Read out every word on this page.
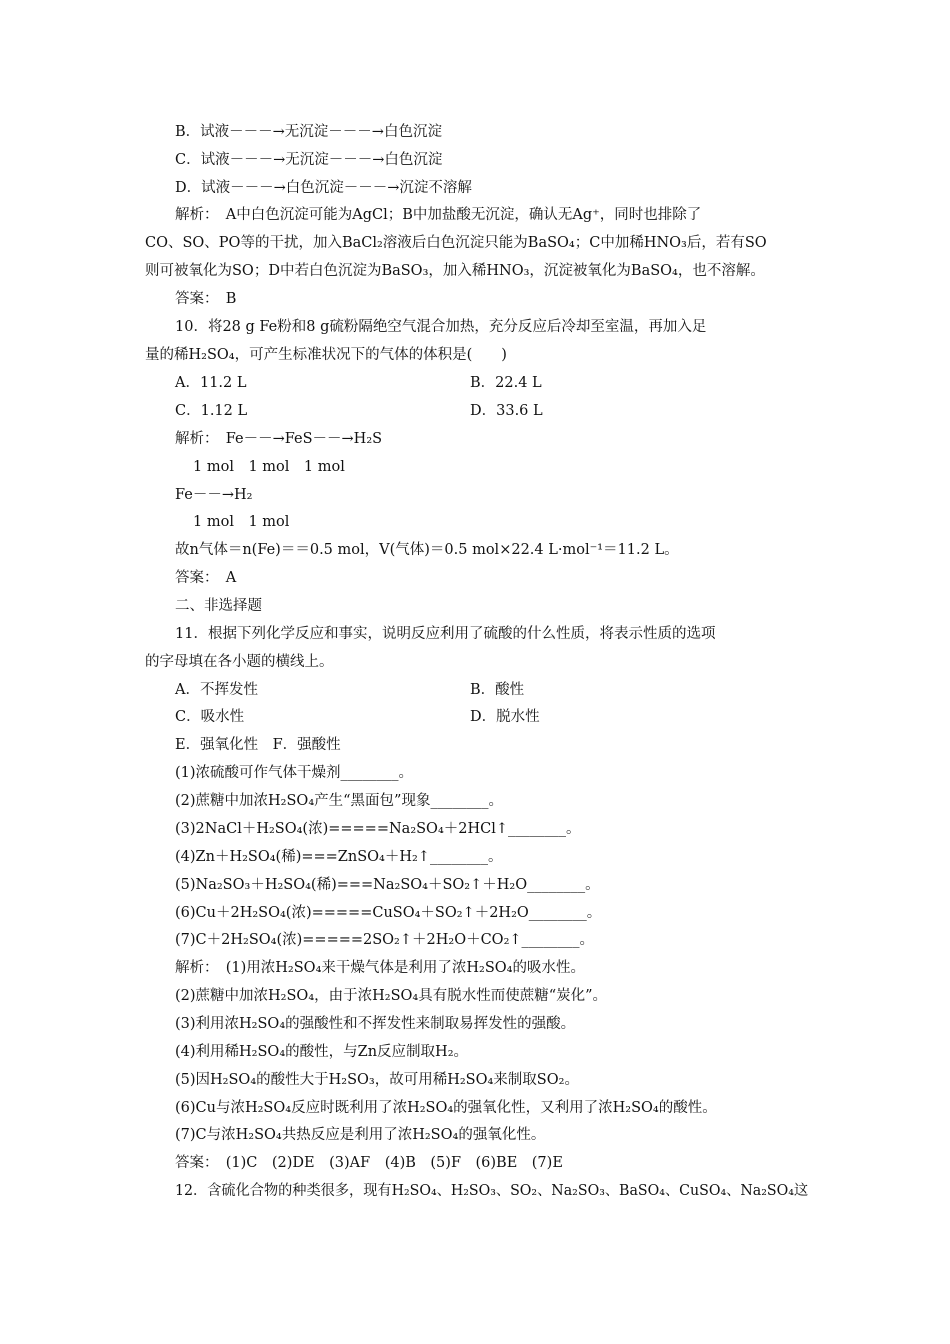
B．试液－－－→无沉淀－－－→白色沉淀
C．试液－－－→无沉淀－－－→白色沉淀
D．试液－－－→白色沉淀－－－→沉淀不溶解
解析：　A中白色沉淀可能为AgCl；B中加盐酸无沉淀，确认无Ag⁺，同时也排除了
CO、SO、PO等的干扰，加入BaCl₂溶液后白色沉淀只能为BaSO₄；C中加稀HNO₃后，若有SO
则可被氧化为SO；D中若白色沉淀为BaSO₃，加入稀HNO₃，沉淀被氧化为BaSO₄，也不溶解。
答案：　B
10．将28 g Fe粉和8 g硫粉隔绝空气混合加热，充分反应后冷却至室温，再加入足
量的稀H₂SO₄，可产生标准状况下的气体的体积是(　　)
A．11.2 L	B．22.4 L
C．1.12 L	D．33.6 L
解析：　Fe－－→FeS－－→H₂S
1 mol　1 mol　1 mol
Fe－－→H₂
1 mol　1 mol
故n气体＝n(Fe)＝＝0.5 mol，V(气体)＝0.5 mol×22.4 L·mol⁻¹＝11.2 L。
答案：　A
二、非选择题
11．根据下列化学反应和事实，说明反应利用了硫酸的什么性质，将表示性质的选项
的字母填在各小题的横线上。
A．不挥发性	B．酸性
C．吸水性	D．脱水性
E．强氧化性　F．强酸性
(1)浓硫酸可作气体干燥剂________。
(2)蔗糖中加浓H₂SO₄产生“黑面包”现象________。
(3)2NaCl＋H₂SO₄(浓)=====Na₂SO₄＋2HCl↑________。
(4)Zn＋H₂SO₄(稀)===ZnSO₄＋H₂↑________。
(5)Na₂SO₃＋H₂SO₄(稀)===Na₂SO₄＋SO₂↑＋H₂O________。
(6)Cu＋2H₂SO₄(浓)=====CuSO₄＋SO₂↑＋2H₂O________。
(7)C＋2H₂SO₄(浓)=====2SO₂↑＋2H₂O＋CO₂↑________。
解析：　(1)用浓H₂SO₄来干燥气体是利用了浓H₂SO₄的吸水性。
(2)蔗糖中加浓H₂SO₄，由于浓H₂SO₄具有脱水性而使蔗糖“炭化”。
(3)利用浓H₂SO₄的强酸性和不挥发性来制取易挥发性的强酸。
(4)利用稀H₂SO₄的酸性，与Zn反应制取H₂。
(5)因H₂SO₄的酸性大于H₂SO₃，故可用稀H₂SO₄来制取SO₂。
(6)Cu与浓H₂SO₄反应时既利用了浓H₂SO₄的强氧化性，又利用了浓H₂SO₄的酸性。
(7)C与浓H₂SO₄共热反应是利用了浓H₂SO₄的强氧化性。
答案：　(1)C　(2)DE　(3)AF　(4)B　(5)F　(6)BE　(7)E
12．含硫化合物的种类很多，现有H₂SO₄、H₂SO₃、SO₂、Na₂SO₃、BaSO₄、CuSO₄、Na₂SO₄这
